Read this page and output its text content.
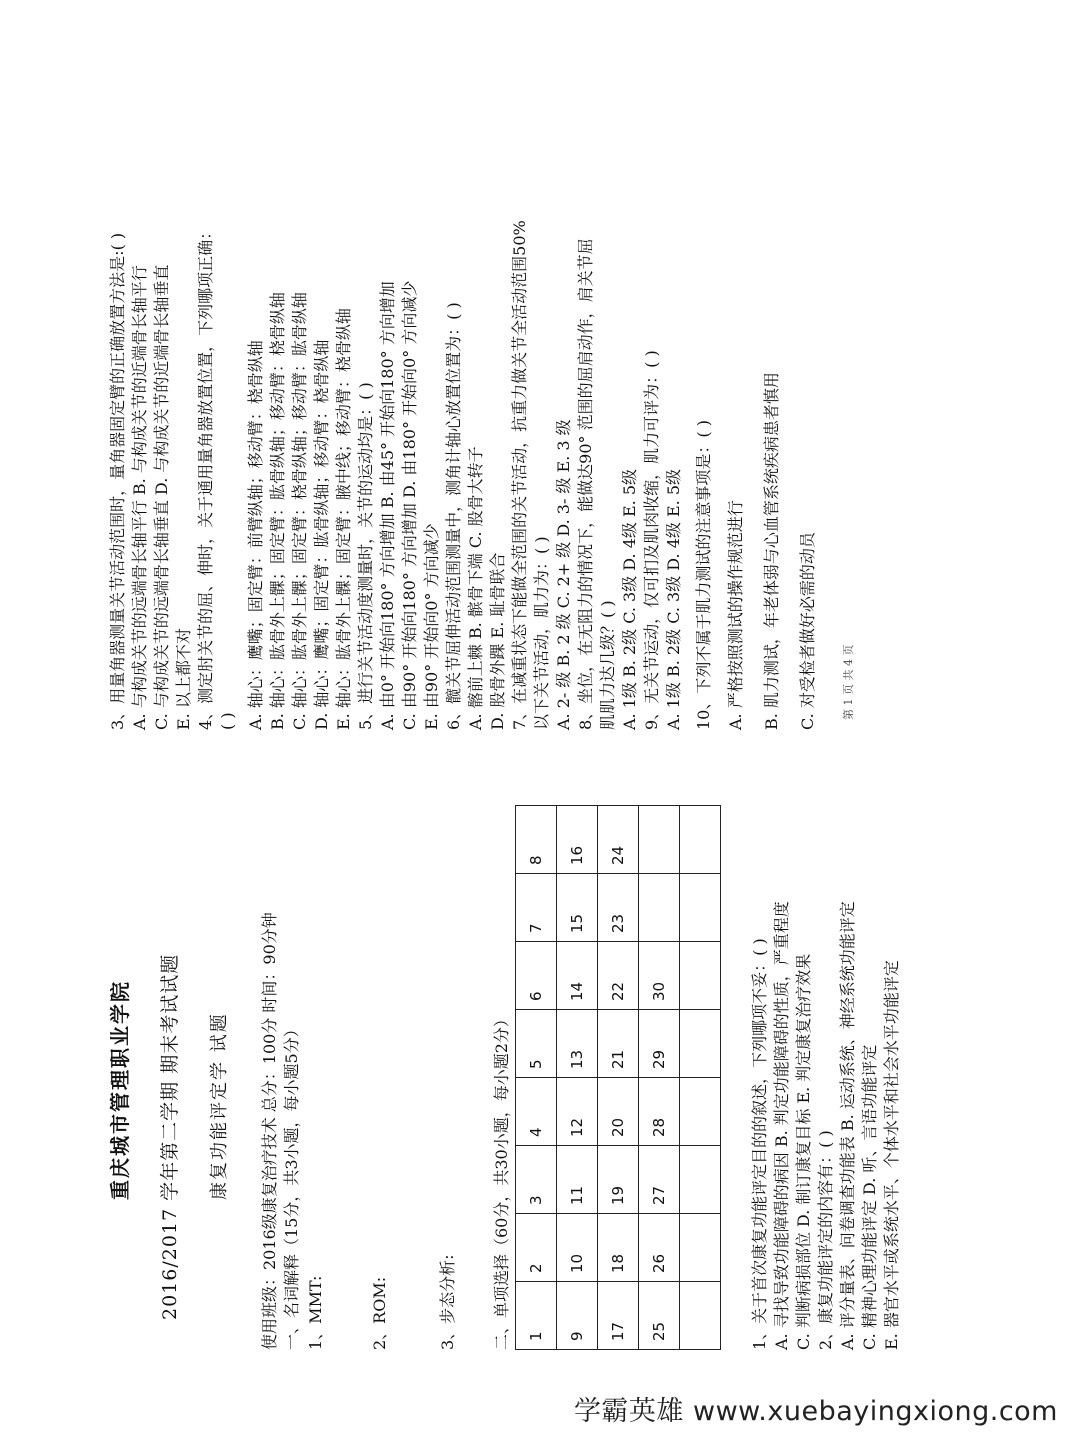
重庆城市管理职业学院 2016/2017 学年第二学期 期末考试试题 康复功能评定学 试题 使用班级：2016级康复治疗技术 总分：100分 时间：90分钟 一、名词解释（15分，共3小题，每小题5分） 1、MMT:	2、ROM:	3、步态分析: 二、单项选择（60分，共30小题，每小题2分） 1	2	3	4	5	6	7	8
9	10	11	12	13	14	15	16
17	18	19	20	21	22	23	24
25	26	27	28	29	30		
								1、关于首次康复功能评定目的的叙述，下列哪项不妥：( ) A. 寻找导致功能障碍的病因 B. 判定功能障碍的性质，严重程度 C. 判断病损部位 D. 制订康复目标 E. 判定康复治疗效果 2、康复功能评定的内容有：( ) A. 评分量表、问卷调查功能表 B. 运动系统、神经系统功能评定 C. 精神心理功能评定 D. 听、言语功能评定 E. 器官水平或系统水平、个体水平和社会水平功能评定
3、用量角器测量关节活动范围时，量角器固定臂的正确放置方法是:( ) A. 与构成关节的远端骨长轴平行 B. 与构成关节的近端骨长轴平行 C. 与构成关节的远端骨长轴垂直 D. 与构成关节的近端骨长轴垂直 E. 以上都不对 4、测定肘关节的屈、伸时，关于通用量角器放置位置，下列哪项正确： ( ) A. 轴心：鹰嘴；固定臂：前臂纵轴；移动臂：桡骨纵轴 B. 轴心：肱骨外上髁；固定臂：肱骨纵轴；移动臂：桡骨纵轴 C. 轴心：肱骨外上髁；固定臂：桡骨纵轴；移动臂：肱骨纵轴 D. 轴心：鹰嘴；固定臂：肱骨纵轴；移动臂：桡骨纵轴 E. 轴心：肱骨外上髁；固定臂：腋中线；移动臂：桡骨纵轴 5、进行关节活动度测量时，关节的运动均是：( ) A. 由0° 开始向180° 方向增加 B. 由45° 开始向180° 方向增加 C. 由90° 开始向180° 方向增加 D. 由180° 开始向0° 方向减少 E. 由90° 开始向0° 方向减少 6、髋关节屈伸活动范围测量中，测角计轴心放置位置为：( ) A. 髂前上棘 B. 髌骨下端 C. 股骨大转子 D. 股骨外踝 E. 耻骨联合 7、在减重状态下能做全范围的关节活动，抗重力做关节全活动范围50% 以下关节活动，肌力为：( ) A. 2- 级 B. 2 级 C. 2+ 级 D. 3- 级 E. 3 级 8、坐位，在无阻力的情况下，能做达90° 范围的屈肩动作，肩关节屈 肌肌力达几级？( ) A. 1级 B. 2级 C. 3级 D. 4级 E. 5级 9、无关节运动，仅可扪及肌肉收缩，肌力可评为：( ) A. 1级 B. 2级 C. 3级 D. 4级 E. 5级 10、下列不属于肌力测试的注意事项是：( ) A. 严格按照测试的操作规范进行 B. 肌力测试，年老体弱与心血管系统疾病患者慎用 C. 对受检者做好必需的动员 第 1 页 共 4 页
学霸英雄 www.xuebayingxiong.com
